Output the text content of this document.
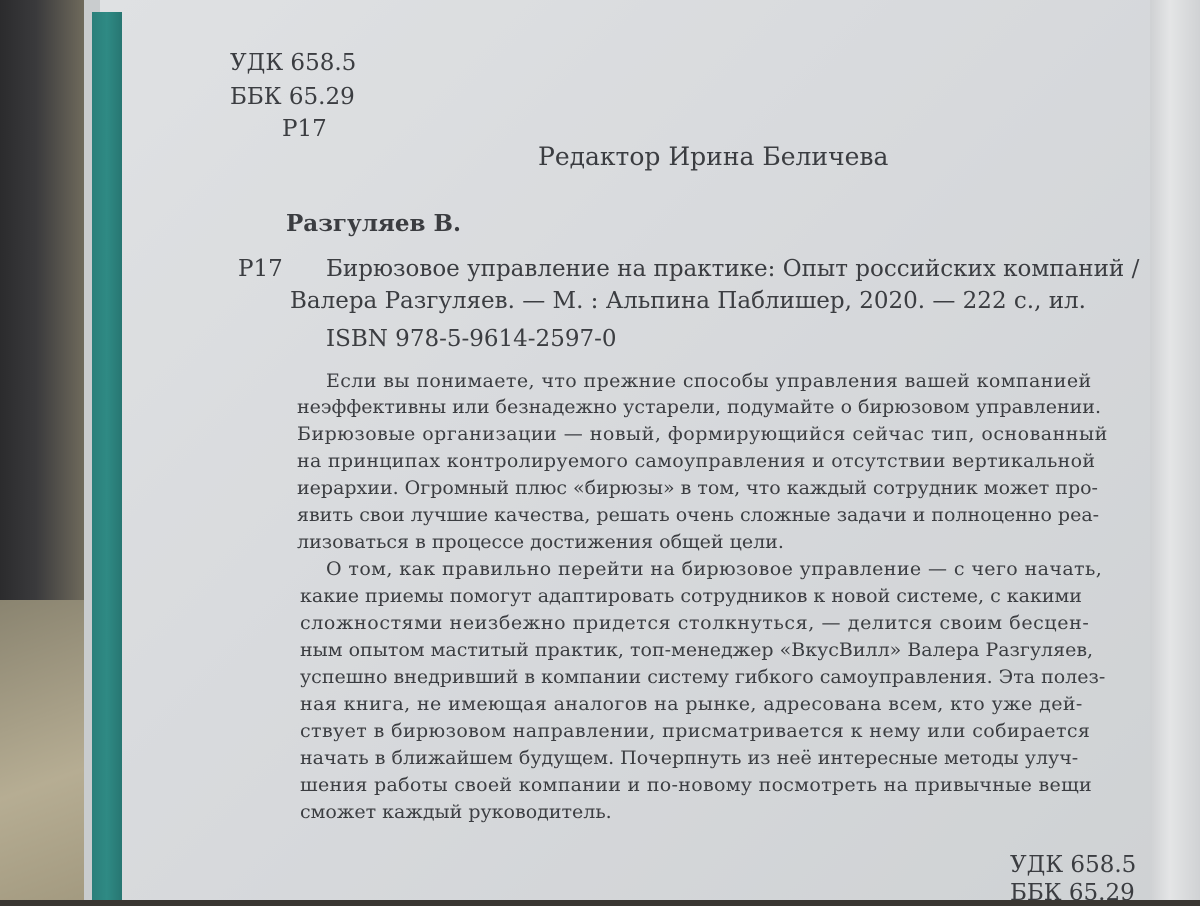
УДК 658.5

ББК 65.29

Р17

Редактор Ирина Беличева

Разгуляев В.

Р17 Бирюзовое управление на практике: Опыт российских компаний /

Валера Разгуляев. — М. : Альпина Паблишер, 2020. — 222 с., ил.

ISBN 978-5-9614-2597-0

Если вы понимаете, что прежние способы управления вашей компанией

неэффективны или безнадежно устарели, подумайте о бирюзовом управлении.

Бирюзовые организации — новый, формирующийся сейчас тип, основанный

на принципах контролируемого самоуправления и отсутствии вертикальной

иерархии. Огромный плюс «бирюзы» в том, что каждый сотрудник может про-

явить свои лучшие качества, решать очень сложные задачи и полноценно реа-

лизоваться в процессе достижения общей цели.

О том, как правильно перейти на бирюзовое управление — с чего начать,

какие приемы помогут адаптировать сотрудников к новой системе, с какими

сложностями неизбежно придется столкнуться, — делится своим бесцен-

ным опытом маститый практик, топ-менеджер «ВкусВилл» Валера Разгуляев,

успешно внедривший в компании систему гибкого самоуправления. Эта полез-

ная книга, не имеющая аналогов на рынке, адресована всем, кто уже дей-

ствует в бирюзовом направлении, присматривается к нему или собирается

начать в ближайшем будущем. Почерпнуть из неё интересные методы улуч-

шения работы своей компании и по-новому посмотреть на привычные вещи

сможет каждый руководитель.

УДК 658.5

ББК 65.29
